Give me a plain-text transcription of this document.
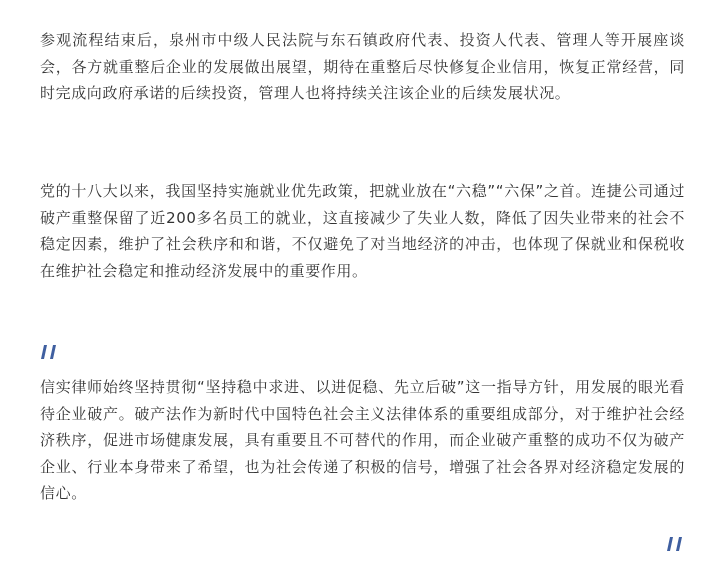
参观流程结束后，泉州市中级人民法院与东石镇政府代表、投资人代表、管理人等开展座谈会，各方就重整后企业的发展做出展望，期待在重整后尽快修复企业信用，恢复正常经营，同时完成向政府承诺的后续投资，管理人也将持续关注该企业的后续发展状况。

党的十八大以来，我国坚持实施就业优先政策，把就业放在“六稳”“六保”之首。连捷公司通过破产重整保留了近200多名员工的就业，这直接减少了失业人数，降低了因失业带来的社会不稳定因素，维护了社会秩序和和谐，不仅避免了对当地经济的冲击，也体现了保就业和保税收在维护社会稳定和推动经济发展中的重要作用。

信实律师始终坚持贯彻“坚持稳中求进、以进促稳、先立后破”这一指导方针，用发展的眼光看待企业破产。破产法作为新时代中国特色社会主义法律体系的重要组成部分，对于维护社会经济秩序，促进市场健康发展，具有重要且不可替代的作用，而企业破产重整的成功不仅为破产企业、行业本身带来了希望，也为社会传递了积极的信号，增强了社会各界对经济稳定发展的信心。
